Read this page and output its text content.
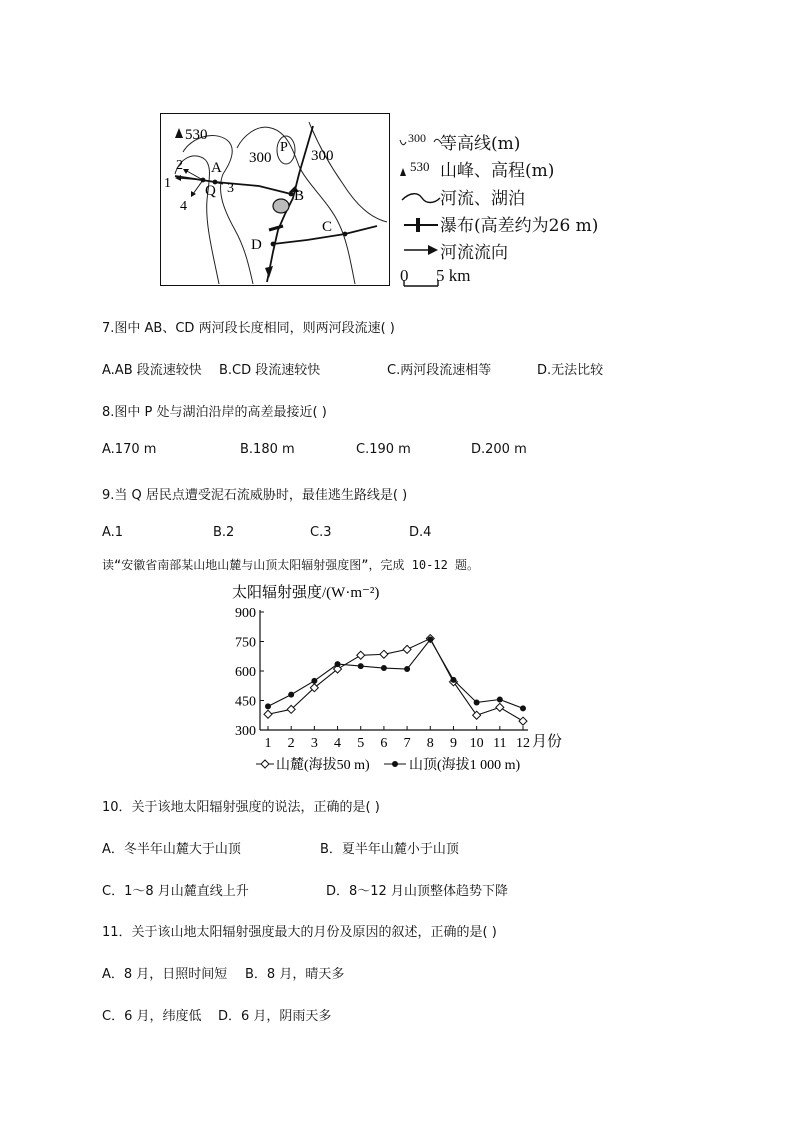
530
P
300	300
A
B
C
D
Q
1
2
3
4
300 等高线(m)
530 山峰、高程(m)
河流、湖泊
瀑布(高差约为26 m)
河流流向
0 5 km
7.图中 AB、CD 两河段长度相同，则两河段流速( )
A.AB 段流速较快 B.CD 段流速较快	C.两河段流速相等	D.无法比较
8.图中 P 处与湖泊沿岸的高差最接近( )
A.170 m	B.180 m	C.190 m	D.200 m
9.当 Q 居民点遭受泥石流威胁时，最佳逃生路线是( )
A.1	B.2	C.3	D.4
读“安徽省南部某山地山麓与山顶太阳辐射强度图”，完成 10-12 题。
太阳辐射强度/(W·m⁻²)
300
450
600
750
900
1 2 3 4 5 6 7 8 9 10 11 12 月份
山麓(海拔50 m)	山顶(海拔1 000 m)
10．关于该地太阳辐射强度的说法，正确的是( )
A．冬半年山麓大于山顶	B．夏半年山麓小于山顶
C．1～8 月山麓直线上升	D．8～12 月山顶整体趋势下降
11．关于该山地太阳辐射强度最大的月份及原因的叙述，正确的是( )
A．8 月，日照时间短 B．8 月，晴天多
C．6 月，纬度低 D．6 月，阴雨天多
